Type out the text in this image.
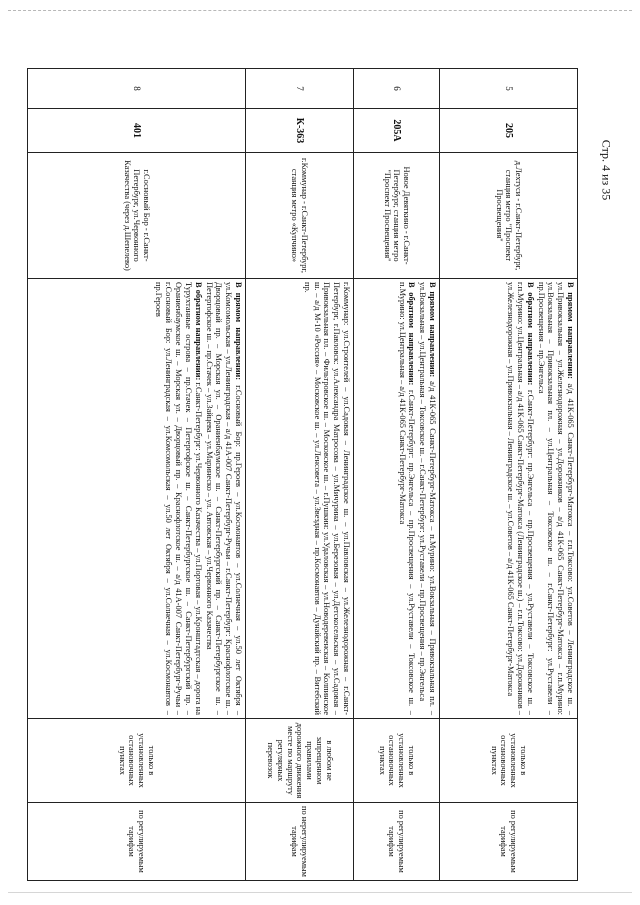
Стр. 4 из 35
5	205	д.Лехтуси - г.Санкт-Петербург, станция метро "Проспект Просвещения"	В прямом направлении: а/д 41К-065 Санкт-Петербург-Матокса – г.п.Токсово: ул.Советов – Ленинградское ш. – ул.Привокзальная – ул.Железнодорожная – ул.Дорожников – а/д 41К-065 Санкт-Петербург-Матокса – г.п.Мурино: ул.Вокзальная – Привокзальная пл. – ул.Центральная – Токсовское ш. – г.Санкт-Петербург: ул.Руставели – пр.Просвещения – пр.Энгельса

В обратном направлении: г.Санкт-Петербург: пр.Энгельса – пр.Просвещения – ул.Руставели – Токсовское ш. – г.п.Мурино: ул.Центральная – а/д 41К-065 Санкт-Петербург-Матокса (Ленинградское ш.) – г.п.Токсово: ул.Дорожников – ул.Железнодорожная – ул.Привокзальная – Ленинградское ш. – ул.Советов – а/д 41К-065 Санкт-Петербург-Матокса	только в установленных остановочных пунктах	по регулируемым тарифам
6	205А	Новое Девяткино - г.Санкт-Петербург, станция метро "Проспект Просвещения"	В прямом направлении: а/д 41К-065 Санкт-Петербург-Матокса – п.Мурино: ул.Вокзальная – Привокзальная пл. – ул.Вокзальная – ул.Центральная – Токсовское ш. – г.Санкт-Петербург: ул.Руставели – пр.Просвещения – пр.Энгельса

В обратном направлении: г.Санкт-Петербург: пр.Энгельса – пр.Просвещения – ул.Руставели – Токсовское ш. – п.Мурино: ул.Центральная – а/д 41К-065 Санкт-Петербург-Матокса	только в установленных остановочных пунктах	по регулируемым тарифам
7	К-363	г.Коммунар - г.Санкт-Петербург, станция метро «Купчино»	г.Коммунар: ул.Строителей – ул.Садовая – Ленинградское ш. – ул.Павловская – ул.Железнодорожная – г.Санкт-Петербург, г.Павловск: ул.Александра Матросова – ул.Мичурина – ул.Березовая – ул.Детскосельская – ул.Садовая – Привокзальная пл. – Фильтровское ш. – Московское ш. – г.Пушкин: ул.Удаловская – ул.Новодеревенская – Колпинское ш. – а/д М-10 «Россия» – Московское ш. – ул.Ленсовета – ул.Звездная – пр.Космонавтов – Дунайский пр. – Витебский пр.	в любом не запрещенном правилами дорожного движения месте по маршруту регулярных перевозок	по нерегулируемым тарифам
8	401	г.Сосновый Бор - г.Санкт-Петербург, ул.Червонного Казачества (через д.Шепелево)	В прямом направлении: г.Сосновый Бор: пр.Героев – ул.Космонавтов – ул.Солнечная – ул.50 лет Октября – ул.Комсомольская – ул.Ленинградская – а/д 41А-007 Санкт-Петербург-Ручьи – г.Санкт-Петербург: Краснофлотское ш. – Дворцовый пр. – Морская ул. – Ораниенбаумское ш. – Санкт-Петербургский пр. – Санкт-Петербургское ш. – Петергофское ш. – пр.Стачек – ул.Зайцева – ул.Маринеско – ул. Автовская – ул.Червонного Казачества

В обратном направлении: г.Санкт-Петербург: ул.Червонного Казачества – ул.Портовая – ул.Кронштадтская – дорога на Турухтанные острова – пр.Стачек – Петергофское ш. – Санкт-Петербургское ш. – Санкт-Петербургский пр. – Ораниенбаумское ш. – Морская ул. – Дворцовый пр. – Краснофлотское ш. – а/д 41А-007 Санкт-Петербург-Ручьи – г.Сосновый Бор: ул.Ленинградская – ул.Комсомольская – ул.50 лет Октября – ул.Солнечная – ул.Космонавтов – пр.Героев	только в установленных остановочных пунктах	по регулируемым тарифам
